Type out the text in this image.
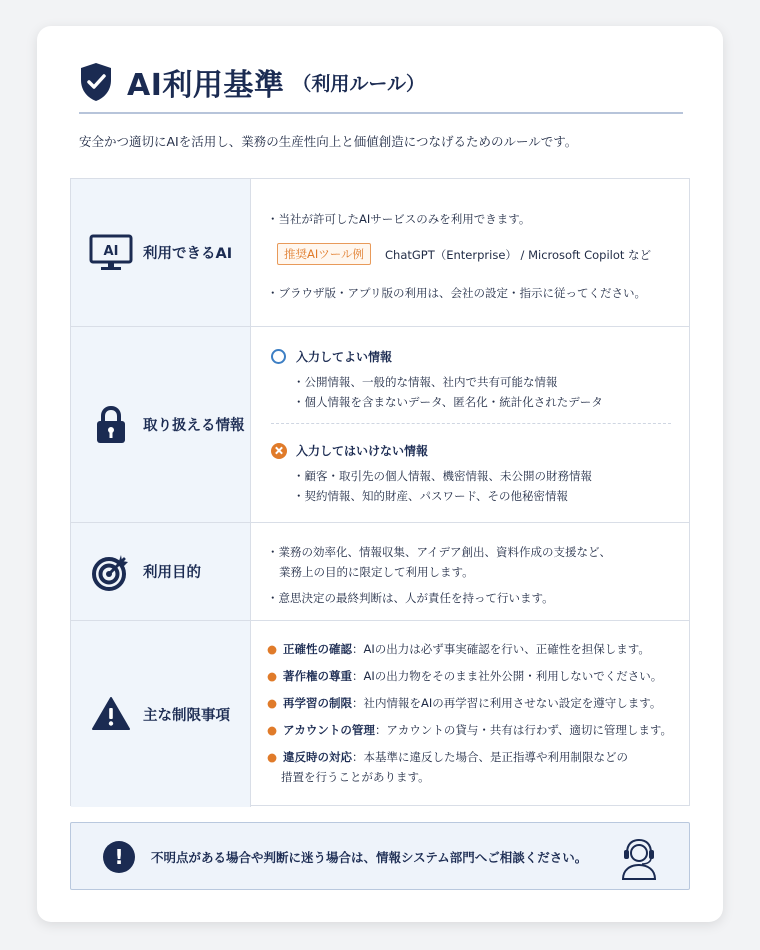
AI利用基準 （利用ルール）
安全かつ適切にAIを活用し、業務の生産性向上と価値創造につなげるためのルールです。
AI 利用できるAI
・当社が許可したAIサービスのみを利用できます。
推奨AIツール例	ChatGPT（Enterprise） / Microsoft Copilot など
・ブラウザ版・アプリ版の利用は、会社の設定・指示に従ってください。
取り扱える情報
入力してよい情報
・公開情報、一般的な情報、社内で共有可能な情報
・個人情報を含まないデータ、匿名化・統計化されたデータ
入力してはいけない情報
・顧客・取引先の個人情報、機密情報、未公開の財務情報
・契約情報、知的財産、パスワード、その他秘密情報
利用目的
・業務の効率化、情報収集、アイデア創出、資料作成の支援など、
業務上の目的に限定して利用します。
・意思決定の最終判断は、人が責任を持って行います。
主な制限事項
● 正確性の確認：AIの出力は必ず事実確認を行い、正確性を担保します。
● 著作権の尊重：AIの出力物をそのまま社外公開・利用しないでください。
● 再学習の制限：社内情報をAIの再学習に利用させない設定を遵守します。
● アカウントの管理：アカウントの貸与・共有は行わず、適切に管理します。
● 違反時の対応：本基準に違反した場合、是正指導や利用制限などの
措置を行うことがあります。
!	不明点がある場合や判断に迷う場合は、情報システム部門へご相談ください。
